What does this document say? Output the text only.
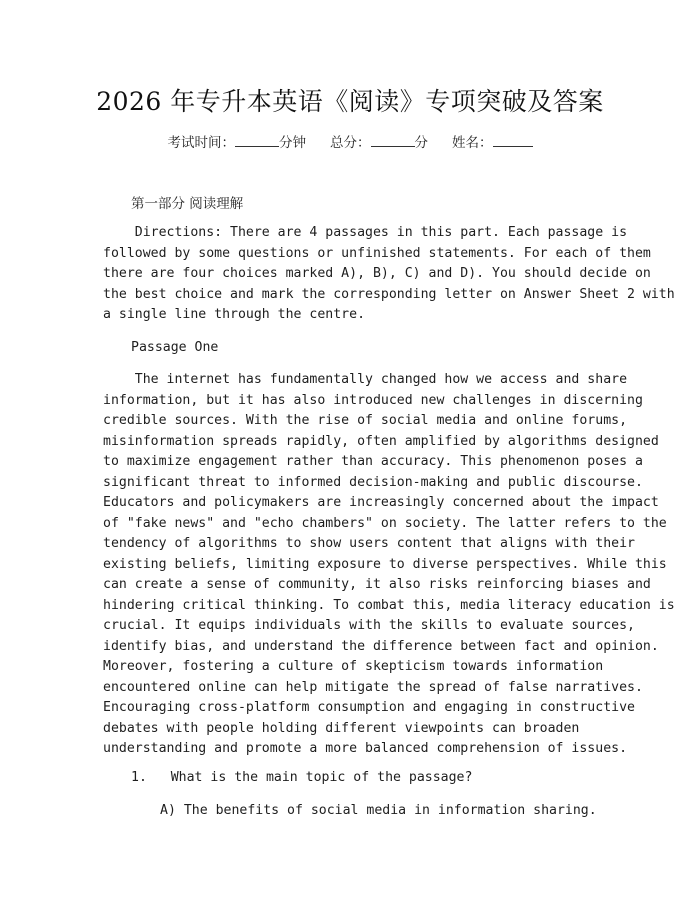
2026 年专升本英语《阅读》专项突破及答案
考试时间：	分钟 总分：	分 姓名：
第一部分 阅读理解

Directions: There are 4 passages in this part. Each passage is
followed by some questions or unfinished statements. For each of them
there are four choices marked A), B), C) and D). You should decide on
the best choice and mark the corresponding letter on Answer Sheet 2 with
a single line through the centre.

Passage One

The internet has fundamentally changed how we access and share
information, but it has also introduced new challenges in discerning
credible sources. With the rise of social media and online forums,
misinformation spreads rapidly, often amplified by algorithms designed
to maximize engagement rather than accuracy. This phenomenon poses a
significant threat to informed decision-making and public discourse.
Educators and policymakers are increasingly concerned about the impact
of "fake news" and "echo chambers" on society. The latter refers to the
tendency of algorithms to show users content that aligns with their
existing beliefs, limiting exposure to diverse perspectives. While this
can create a sense of community, it also risks reinforcing biases and
hindering critical thinking. To combat this, media literacy education is
crucial. It equips individuals with the skills to evaluate sources,
identify bias, and understand the difference between fact and opinion.
Moreover, fostering a culture of skepticism towards information
encountered online can help mitigate the spread of false narratives.
Encouraging cross-platform consumption and engaging in constructive
debates with people holding different viewpoints can broaden
understanding and promote a more balanced comprehension of issues.

1.   What is the main topic of the passage?

A) The benefits of social media in information sharing.
